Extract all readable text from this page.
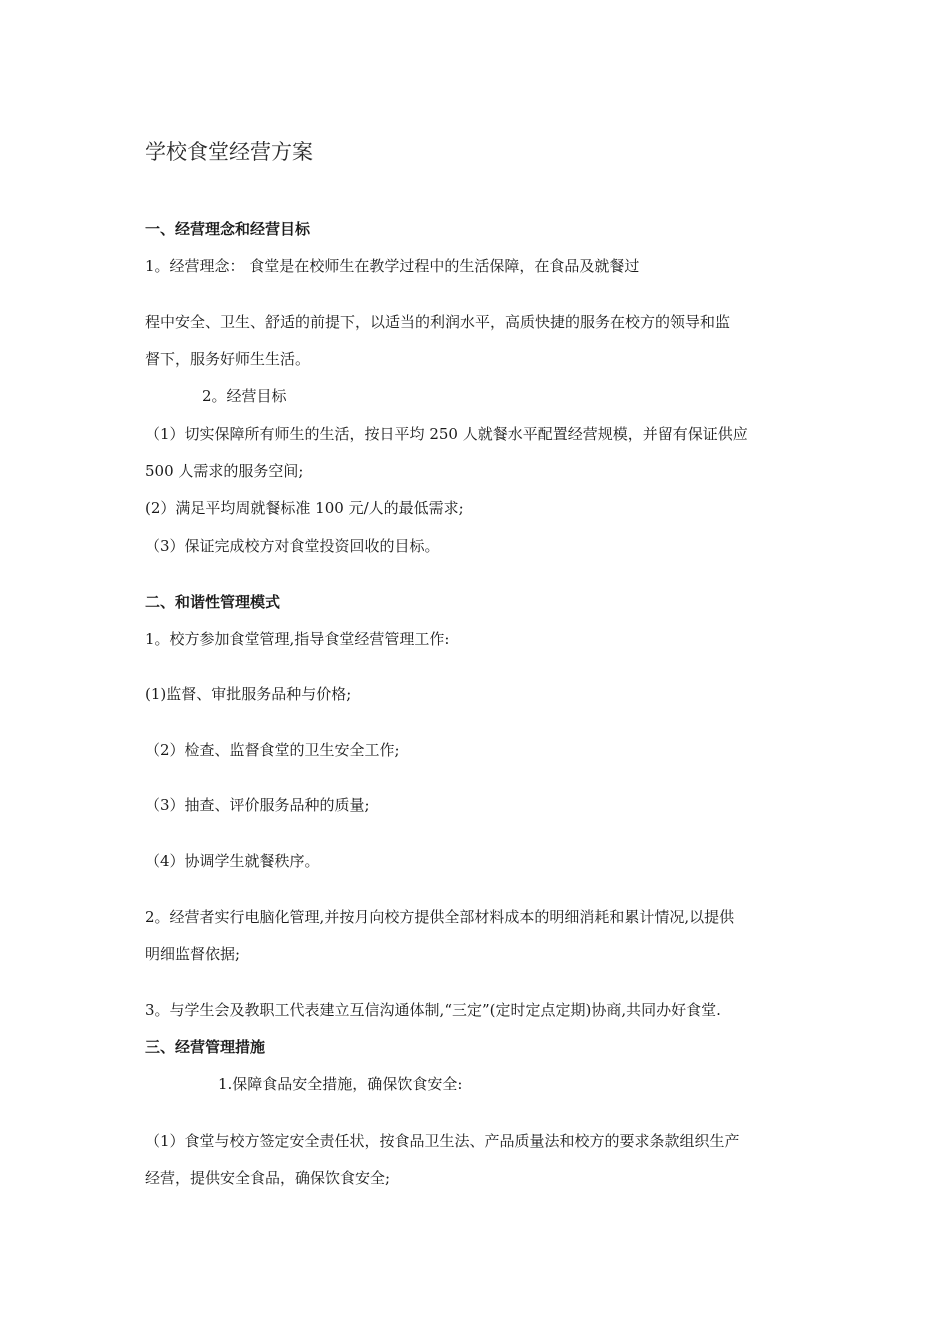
学校食堂经营方案
一、经营理念和经营目标
1。经营理念： 食堂是在校师生在教学过程中的生活保障，在食品及就餐过
程中安全、卫生、舒适的前提下，以适当的利润水平，高质快捷的服务在校方的领导和监
督下，服务好师生生活。
2。经营目标
（1）切实保障所有师生的生活，按日平均 250 人就餐水平配置经营规模，并留有保证供应
500 人需求的服务空间;
(2）满足平均周就餐标准 100 元/人的最低需求;
（3）保证完成校方对食堂投资回收的目标。
二、和谐性管理模式
1。校方参加食堂管理,指导食堂经营管理工作:
(1)监督、审批服务品种与价格;
（2）检查、监督食堂的卫生安全工作;
（3）抽查、评价服务品种的质量;
（4）协调学生就餐秩序。
2。经营者实行电脑化管理,并按月向校方提供全部材料成本的明细消耗和累计情况,以提供
明细监督依据;
3。与学生会及教职工代表建立互信沟通体制,“三定”(定时定点定期)协商,共同办好食堂.
三、经营管理措施
1.保障食品安全措施，确保饮食安全:
（1）食堂与校方签定安全责任状，按食品卫生法、产品质量法和校方的要求条款组织生产
经营，提供安全食品，确保饮食安全;
